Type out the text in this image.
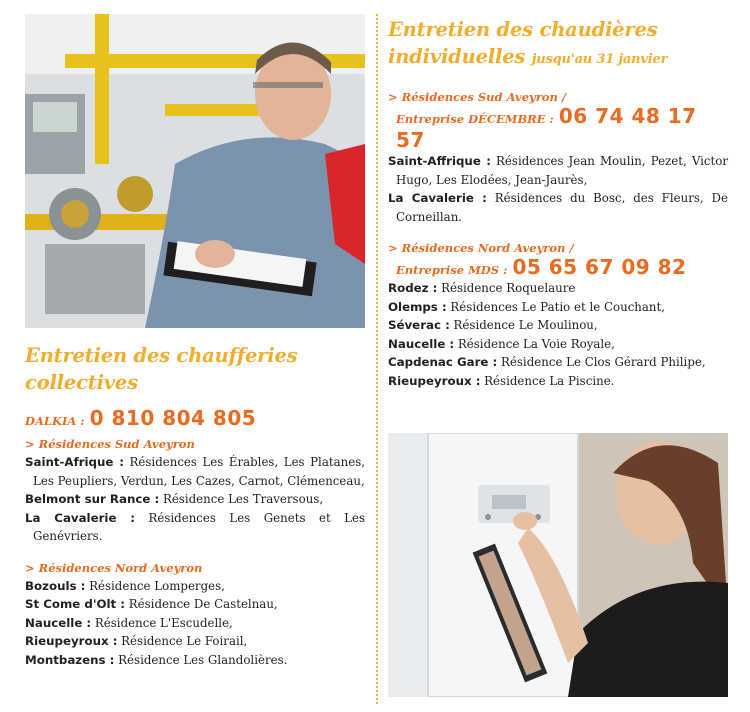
Entretien des chaufferies collectives
DALKIA : 0 810 804 805
> Résidences Sud Aveyron
Saint-Afrique : Résidences Les Érables, Les Platanes, Les Peupliers, Verdun, Les Cazes, Carnot, Clémenceau,
Belmont sur Rance : Résidence Les Traversous,
La Cavalerie : Résidences Les Genets et Les Genévriers.
> Résidences Nord Aveyron
Bozouls : Résidence Lomperges,
St Come d'Olt : Résidence De Castelnau,
Naucelle : Résidence L'Escudelle,
Rieupeyroux : Résidence Le Foirail,
Montbazens : Résidence Les Glandolières.
Entretien des chaudières individuelles jusqu'au 31 janvier
> Résidences Sud Aveyron /
Entreprise DÉCEMBRE : 06 74 48 17 57
Saint-Affrique : Résidences Jean Moulin, Pezet, Victor Hugo, Les Elodées, Jean-Jaurès,
La Cavalerie : Résidences du Bosc, des Fleurs, De Corneillan.
> Résidences Nord Aveyron /
Entreprise MDS : 05 65 67 09 82
Rodez : Résidence Roquelaure
Olemps : Résidences Le Patio et le Couchant,
Séverac : Résidence Le Moulinou,
Naucelle : Résidence La Voie Royale,
Capdenac Gare : Résidence Le Clos Gérard Philipe,
Rieupeyroux : Résidence La Piscine.
